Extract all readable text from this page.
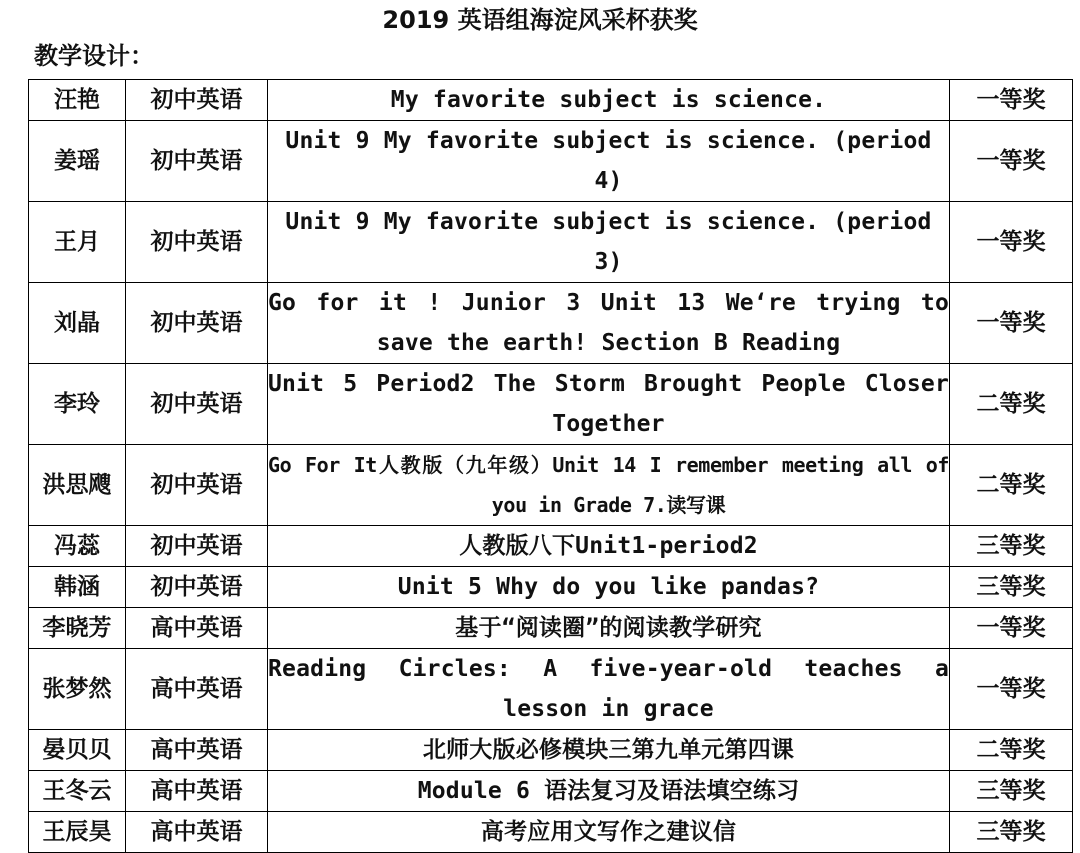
2019 英语组海淀风采杯获奖
教学设计：
汪艳	初中英语	My favorite subject is science.	一等奖
姜瑶	初中英语	Unit 9 My favorite subject is science. (period 4)	一等奖
王月	初中英语	Unit 9 My favorite subject is science. (period 3)	一等奖
刘晶	初中英语	Go for it ! Junior 3 Unit 13 We‘re trying to save the earth! Section B Reading	一等奖
李玲	初中英语	Unit 5 Period2 The Storm Brought People Closer Together	二等奖
洪思飕	初中英语	Go For It人教版（九年级）Unit 14 I remember meeting all of you in Grade 7.读写课	二等奖
冯蕊	初中英语	人教版八下Unit1-period2	三等奖
韩涵	初中英语	Unit 5 Why do you like pandas?	三等奖
李晓芳	高中英语	基于“阅读圈”的阅读教学研究	一等奖
张梦然	高中英语	Reading Circles: A five-year-old teaches a lesson in grace	一等奖
晏贝贝	高中英语	北师大版必修模块三第九单元第四课	二等奖
王冬云	高中英语	Module 6 语法复习及语法填空练习	三等奖
王辰昊	高中英语	高考应用文写作之建议信	三等奖
